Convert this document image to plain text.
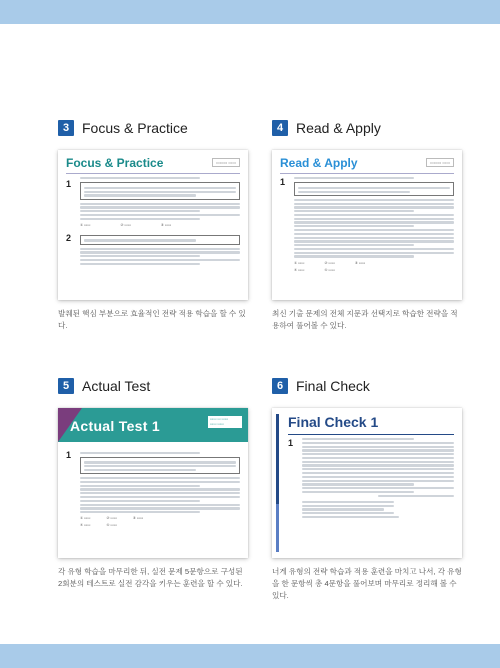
3 Focus & Practice
Focus & Practice	▭▭▭ ▭▭
1
① ▭▭	② ▭▭	③ ▭▭
2
발췌된 핵심 부분으로 효율적인 전략 적용 학습을 할 수 있다.
4 Read & Apply
Read & Apply	▭▭▭ ▭▭
1
① ▭▭	② ▭▭	③ ▭▭
④ ▭▭	⑤ ▭▭
최신 기출 문제의 전체 지문과 선택지로 학습한 전략을 적용하여 풀어볼 수 있다.
5 Actual Test
Actual Test 1	▭▭ ▭ ▭▭
▭▭ ▭▭
1
① ▭▭	② ▭▭	③ ▭▭
④ ▭▭	⑤ ▭▭
각 유형 학습을 마무리한 뒤, 실전 문제 5문항으로 구성된 2회분의 테스트로 실전 감각을 키우는 훈련을 할 수 있다.
6 Final Check
Final Check 1
1
너게 유형의 전략 학습과 적용 훈련을 마치고 나서, 각 유형을 한 문항씩 총 4문항을 풀어보며 마무리로 정리해 볼 수 있다.
